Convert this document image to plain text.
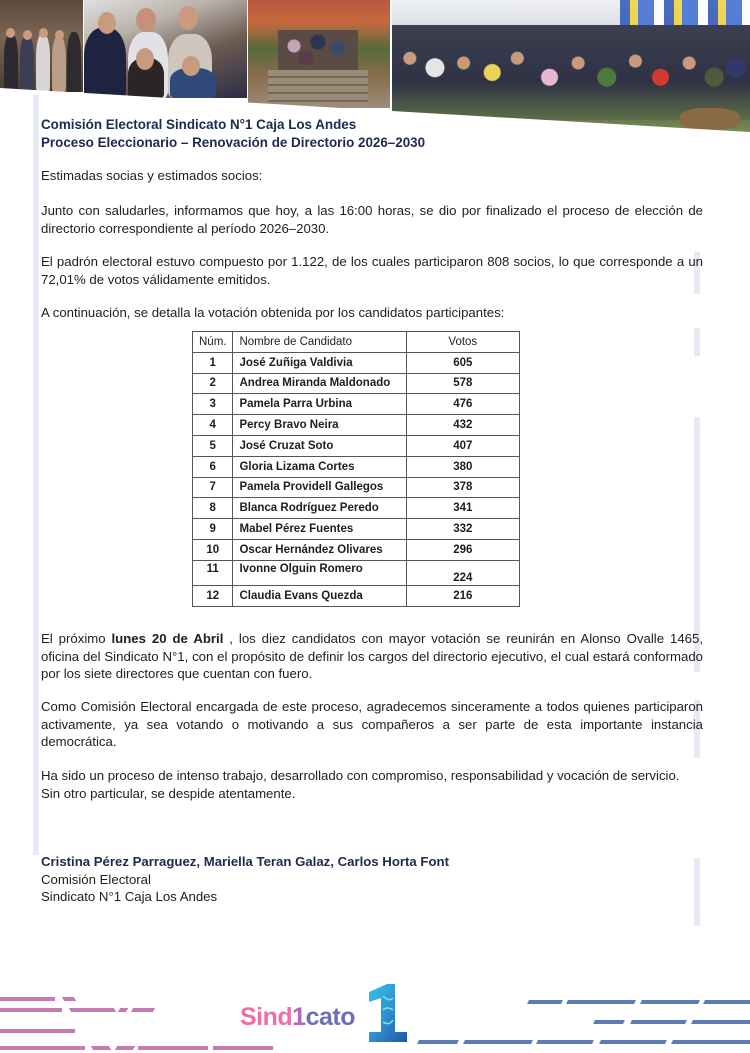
Comisión Electoral Sindicato N°1 Caja Los Andes
Proceso Eleccionario – Renovación de Directorio 2026–2030
Estimadas socias y estimados socios:
Junto con saludarles, informamos que hoy, a las 16:00 horas, se dio por finalizado el proceso de elección de directorio correspondiente al período 2026–2030.
El padrón electoral estuvo compuesto por 1.122, de los cuales participaron 808 socios, lo que corresponde a un 72,01% de votos válidamente emitidos.
A continuación, se detalla la votación obtenida por los candidatos participantes:
Núm.	Nombre de Candidato	Votos
1	José Zuñiga Valdivia	605
2	Andrea Miranda Maldonado	578
3	Pamela Parra Urbina	476
4	Percy Bravo Neira	432
5	José Cruzat Soto	407
6	Gloria Lizama Cortes	380
7	Pamela Providell Gallegos	378
8	Blanca Rodríguez Peredo	341
9	Mabel Pérez Fuentes	332
10	Oscar Hernández Olivares	296
11	Ivonne Olguin Romero	224
12	Claudia Evans Quezda	216
El próximo lunes 20 de Abril , los diez candidatos con mayor votación se reunirán en Alonso Ovalle 1465, oficina del Sindicato N°1, con el propósito de definir los cargos del directorio ejecutivo, el cual estará conformado por los siete directores que cuentan con fuero.
Como Comisión Electoral encargada de este proceso, agradecemos sinceramente a todos quienes participaron activamente, ya sea votando o motivando a sus compañeros a ser parte de esta importante instancia democrática.
Ha sido un proceso de intenso trabajo, desarrollado con compromiso, responsabilidad y vocación de servicio.
Sin otro particular, se despide atentamente.
Cristina Pérez Parraguez, Mariella Teran Galaz, Carlos Horta Font
Comisión Electoral
Sindicato N°1 Caja Los Andes
Sind1cato
